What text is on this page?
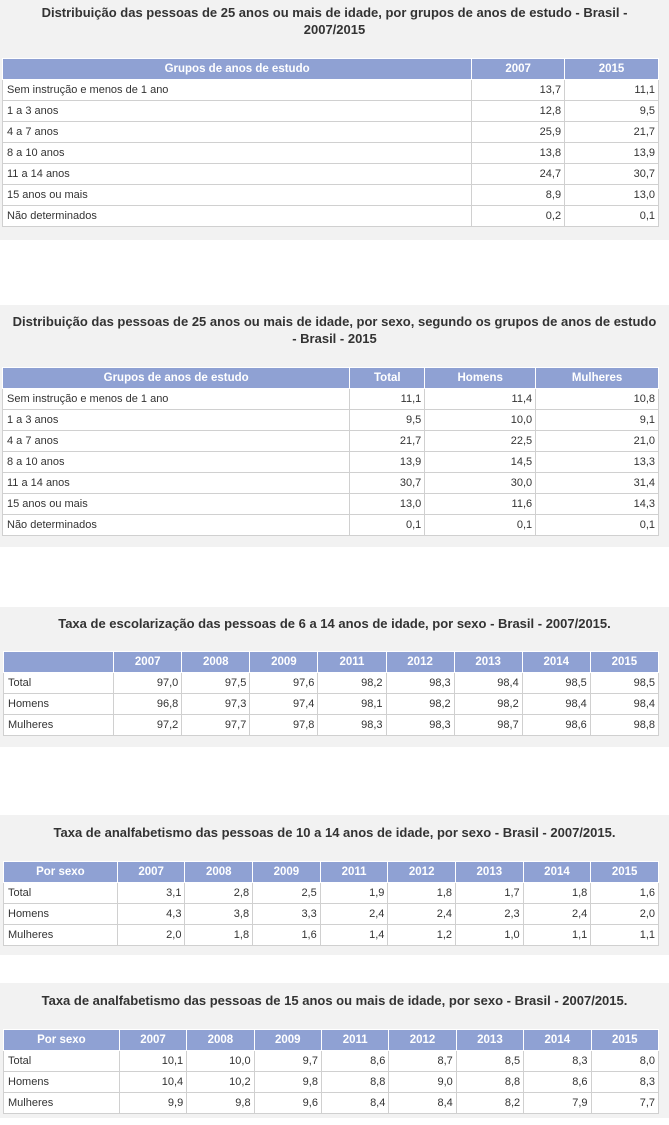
Distribuição das pessoas de 25 anos ou mais de idade, por grupos de anos de estudo - Brasil - 2007/2015
Grupos de anos de estudo	2007	2015
Sem instrução e menos de 1 ano	13,7	11,1
1 a 3 anos	12,8	9,5
4 a 7 anos	25,9	21,7
8 a 10 anos	13,8	13,9
11 a 14 anos	24,7	30,7
15 anos ou mais	8,9	13,0
Não determinados	0,2	0,1
Distribuição das pessoas de 25 anos ou mais de idade, por sexo, segundo os grupos de anos de estudo - Brasil - 2015
Grupos de anos de estudo	Total	Homens	Mulheres
Sem instrução e menos de 1 ano	11,1	11,4	10,8
1 a 3 anos	9,5	10,0	9,1
4 a 7 anos	21,7	22,5	21,0
8 a 10 anos	13,9	14,5	13,3
11 a 14 anos	30,7	30,0	31,4
15 anos ou mais	13,0	11,6	14,3
Não determinados	0,1	0,1	0,1
Taxa de escolarização das pessoas de 6 a 14 anos de idade, por sexo - Brasil - 2007/2015.
	2007	2008	2009	2011	2012	2013	2014	2015
Total	97,0	97,5	97,6	98,2	98,3	98,4	98,5	98,5
Homens	96,8	97,3	97,4	98,1	98,2	98,2	98,4	98,4
Mulheres	97,2	97,7	97,8	98,3	98,3	98,7	98,6	98,8
Taxa de analfabetismo das pessoas de 10 a 14 anos de idade, por sexo - Brasil - 2007/2015.
Por sexo	2007	2008	2009	2011	2012	2013	2014	2015
Total	3,1	2,8	2,5	1,9	1,8	1,7	1,8	1,6
Homens	4,3	3,8	3,3	2,4	2,4	2,3	2,4	2,0
Mulheres	2,0	1,8	1,6	1,4	1,2	1,0	1,1	1,1
Taxa de analfabetismo das pessoas de 15 anos ou mais de idade, por sexo - Brasil - 2007/2015.
Por sexo	2007	2008	2009	2011	2012	2013	2014	2015
Total	10,1	10,0	9,7	8,6	8,7	8,5	8,3	8,0
Homens	10,4	10,2	9,8	8,8	9,0	8,8	8,6	8,3
Mulheres	9,9	9,8	9,6	8,4	8,4	8,2	7,9	7,7
